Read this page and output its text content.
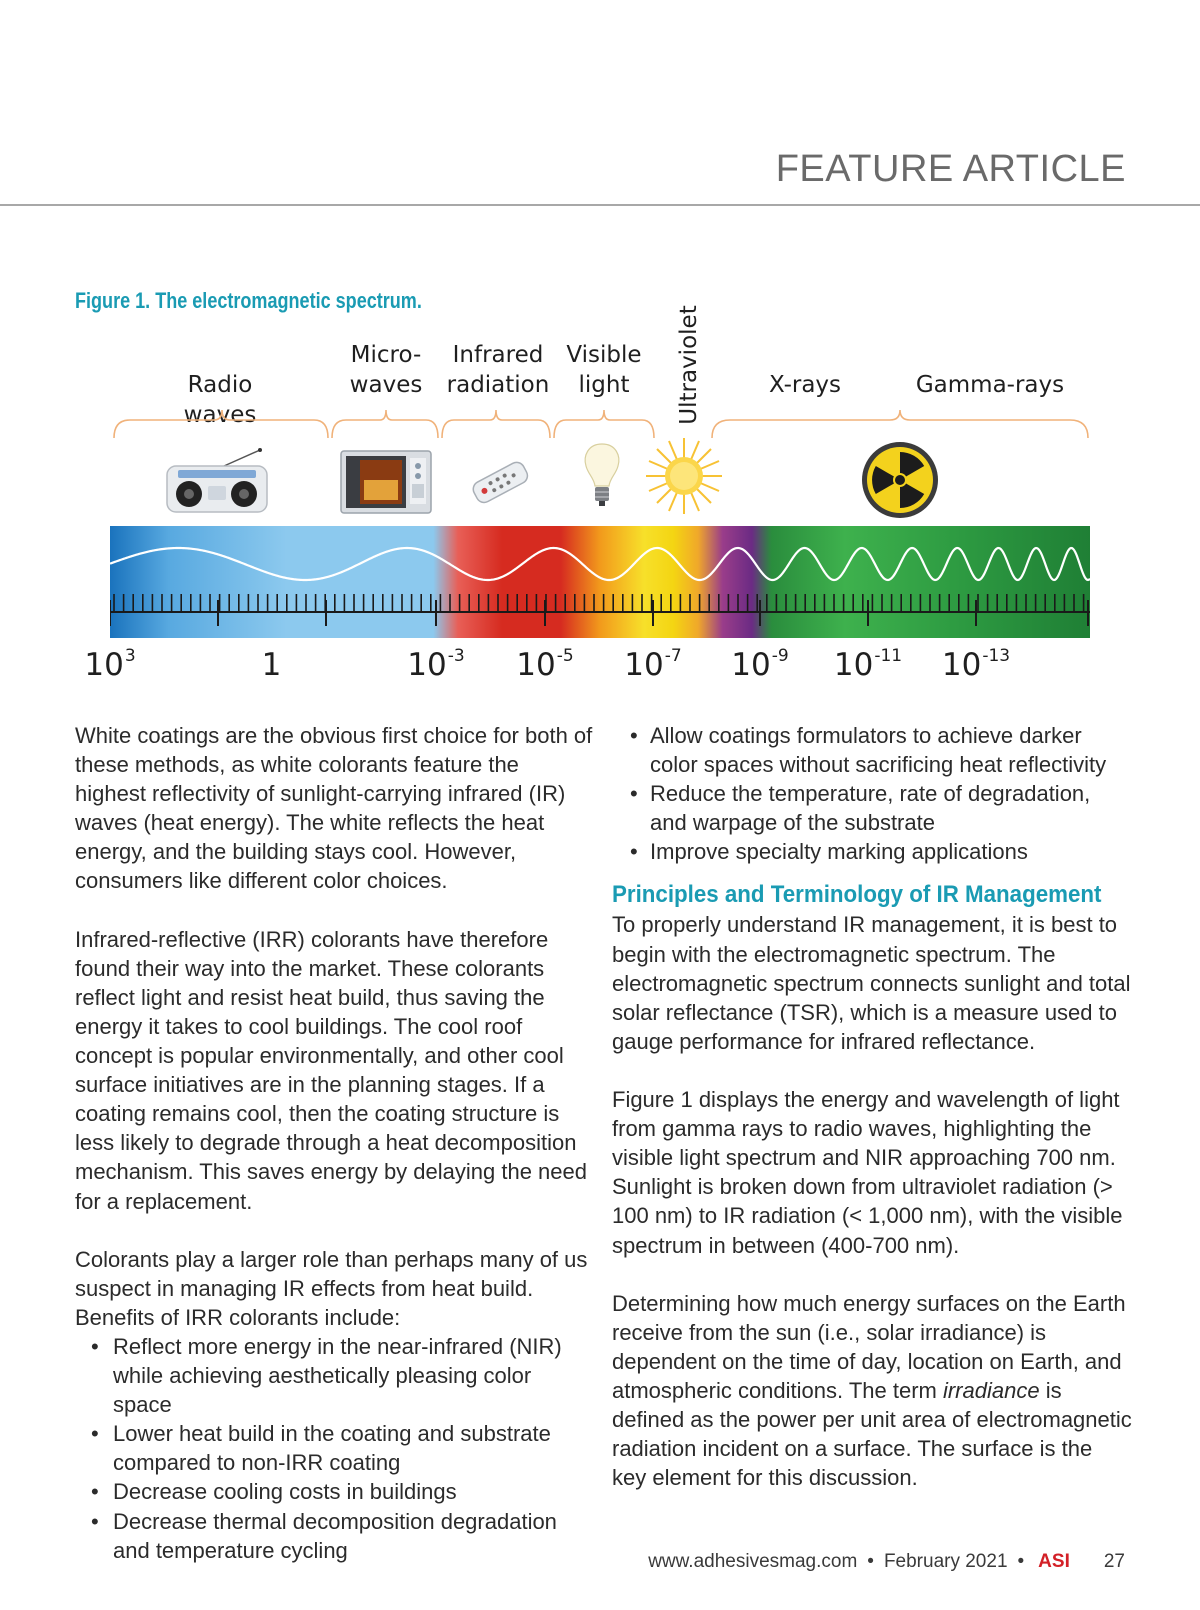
FEATURE ARTICLE
Figure 1. The electromagnetic spectrum.
Radio waves
Micro-
waves
Infrared
radiation
Visible
light	Ultraviolet	X-rays	Gamma-rays
$10^3$	1	$10^{-3}$ $10^{-5}$ $10^{-7}$ $10^{-9}$ $10^{-11}$ $10^{-13}$

White coatings are the obvious first choice for both of these methods, as white colorants feature the highest reflectivity of sunlight-carrying infrared (IR) waves (heat energy). The white reflects the heat energy, and the building stays cool. However, consumers like different color choices.

Infrared-reflective (IRR) colorants have therefore found their way into the market. These colorants reflect light and resist heat build, thus saving the energy it takes to cool buildings. The cool roof concept is popular environmentally, and other cool surface initiatives are in the planning stages. If a coating remains cool, then the coating structure is less likely to degrade through a heat decomposition mechanism. This saves energy by delaying the need for a replacement.

Colorants play a larger role than perhaps many of us suspect in managing IR effects from heat build. Benefits of IRR colorants include:

• Reflect more energy in the near-infrared (NIR) while achieving aesthetically pleasing color space
• Lower heat build in the coating and substrate compared to non-IRR coating
• Decrease cooling costs in buildings
• Decrease thermal decomposition degradation and temperature cycling
• Allow coatings formulators to achieve darker color spaces without sacrificing heat reflectivity
• Reduce the temperature, rate of degradation, and warpage of the substrate
• Improve specialty marking applications
Principles and Terminology of IR Management

To properly understand IR management, it is best to begin with the electromagnetic spectrum. The electromagnetic spectrum connects sunlight and total solar reflectance (TSR), which is a measure used to gauge performance for infrared reflectance.

Figure 1 displays the energy and wavelength of light from gamma rays to radio waves, highlighting the visible light spectrum and NIR approaching 700 nm. Sunlight is broken down from ultraviolet radiation (> 100 nm) to IR radiation (< 1,000 nm), with the visible spectrum in between (400-700 nm).

Determining how much energy surfaces on the Earth receive from the sun (i.e., solar irradiance) is dependent on the time of day, location on Earth, and atmospheric conditions. The term irradiance is defined as the power per unit area of electromagnetic radiation incident on a surface. The surface is the key element for this discussion.

www.adhesivesmag.com • February 2021 • ASI 27
